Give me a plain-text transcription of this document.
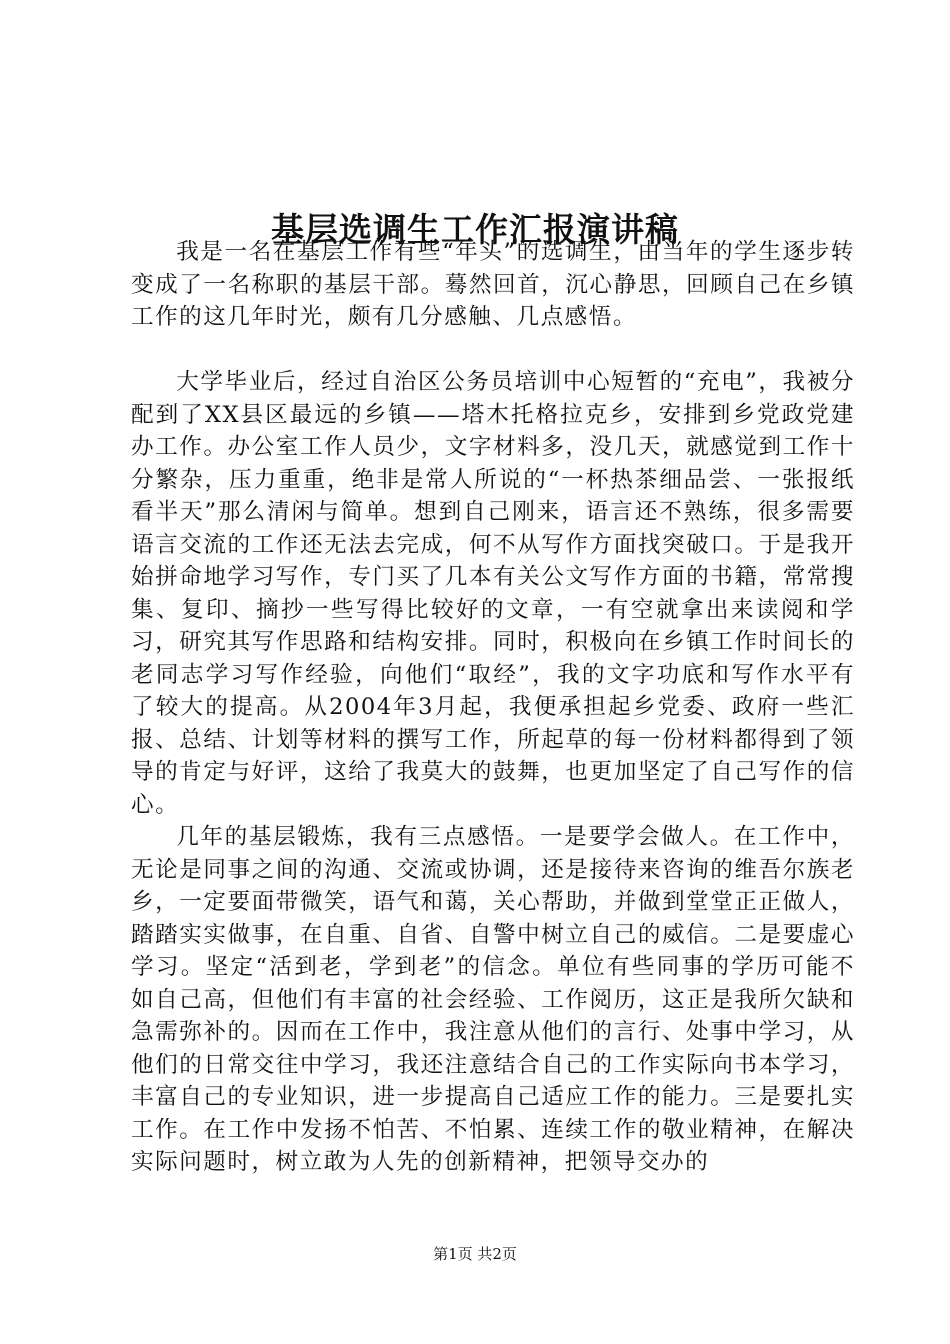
基层选调生工作汇报演讲稿

我是一名在基层工作有些“年头”的选调生，由当年的学生逐步转变成了一名称职的基层干部。蓦然回首，沉心静思，回顾自己在乡镇工作的这几年时光，颇有几分感触、几点感悟。

大学毕业后，经过自治区公务员培训中心短暂的“充电”，我被分配到了XX县区最远的乡镇——塔木托格拉克乡，安排到乡党政党建办工作。办公室工作人员少，文字材料多，没几天，就感觉到工作十分繁杂，压力重重，绝非是常人所说的“一杯热茶细品尝、一张报纸看半天”那么清闲与简单。想到自己刚来，语言还不熟练，很多需要语言交流的工作还无法去完成，何不从写作方面找突破口。于是我开始拼命地学习写作，专门买了几本有关公文写作方面的书籍，常常搜集、复印、摘抄一些写得比较好的文章，一有空就拿出来读阅和学习，研究其写作思路和结构安排。同时，积极向在乡镇工作时间长的老同志学习写作经验，向他们“取经”，我的文字功底和写作水平有了较大的提高。从2004年3月起，我便承担起乡党委、政府一些汇报、总结、计划等材料的撰写工作，所起草的每一份材料都得到了领导的肯定与好评，这给了我莫大的鼓舞，也更加坚定了自己写作的信心。

几年的基层锻炼，我有三点感悟。一是要学会做人。在工作中，无论是同事之间的沟通、交流或协调，还是接待来咨询的维吾尔族老乡，一定要面带微笑，语气和蔼，关心帮助，并做到堂堂正正做人，踏踏实实做事，在自重、自省、自警中树立自己的威信。二是要虚心学习。坚定“活到老，学到老”的信念。单位有些同事的学历可能不如自己高，但他们有丰富的社会经验、工作阅历，这正是我所欠缺和急需弥补的。因而在工作中，我注意从他们的言行、处事中学习，从他们的日常交往中学习，我还注意结合自己的工作实际向书本学习，丰富自己的专业知识，进一步提高自己适应工作的能力。三是要扎实工作。在工作中发扬不怕苦、不怕累、连续工作的敬业精神，在解决实际问题时，树立敢为人先的创新精神，把领导交办的

第1页 共2页
